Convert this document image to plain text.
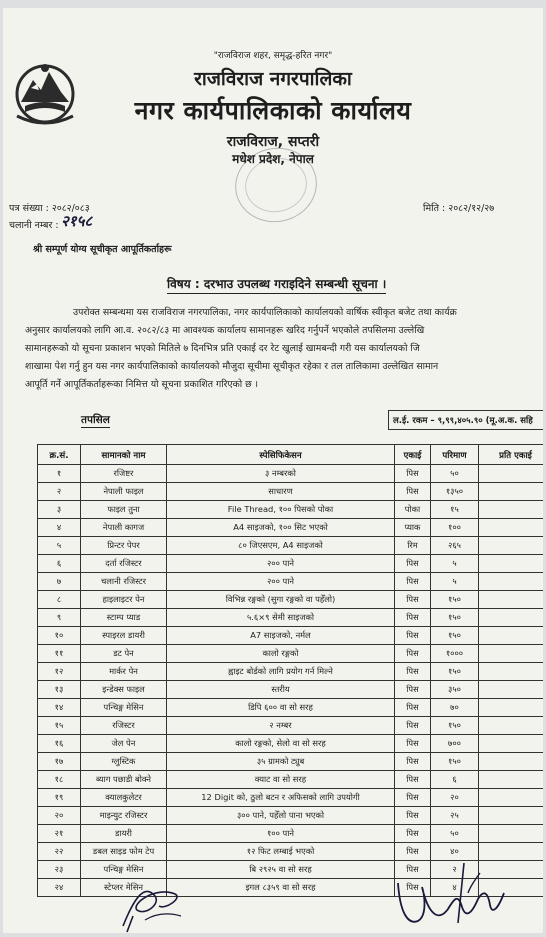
"राजविराज शहर, समृद्ध-हरित नगर"
राजविराज नगरपालिका
नगर कार्यपालिकाको कार्यालय
राजविराज, सप्तरी
मधेश प्रदेश, नेपाल
पत्र संख्या : २०८२/०८३
चलानी नम्बर : २१५८
मिति : २०८२/१२/२७
श्री सम्पूर्ण योग्य सूचीकृत आपूर्तिकर्ताहरू
विषय : दरभाउ उपलब्ध गराइदिने सम्बन्धी सूचना ।
उपरोक्त सम्बन्धमा यस राजविराज नगरपालिका, नगर कार्यपालिकाको कार्यालयको वार्षिक स्वीकृत बजेट तथा कार्यक्र
अनुसार कार्यालयको लागि आ.व. २०८२/८३ मा आवश्यक कार्यालय सामानहरू खरिद गर्नुपर्ने भएकोले तपसिलमा उल्लेखि
सामानहरूको यो सूचना प्रकाशन भएको मितिले ७ दिनभित्र प्रति एकाई दर रेट खुलाई खामबन्दी गरी यस कार्यालयको जि
शाखामा पेश गर्नु हुन यस नगर कार्यपालिकाको कार्यालयको मौजुदा सूचीमा सूचीकृत रहेका र तल तालिकामा उल्लेखित सामान
आपूर्ति गर्ने आपूर्तिकर्ताहरूका निमित्त यो सूचना प्रकाशित गरिएको छ ।
तपसिल	ल.ई. रकम – ९,९९,४०५.९० (मू.अ.क. सहि
क्र.सं.	सामानको नाम	स्पेसिफिकेसन	एकाई	परिमाण	प्रति एकाई
१	रजिष्टर	३ नम्बरको	पिस	५०	
२	नेपाली फाइल	साधारण	पिस	१३५०	
३	फाइल तुना	File Thread, १०० पिसको पोका	पोका	१५	
४	नेपाली कागज	A4 साइजको, १०० सिट भएको	प्याक	१००	
५	प्रिन्टर पेपर	८० जिएसएम, A4 साइजको	रिम	२६५	
६	दर्ता रजिस्टर	२०० पाने	पिस	५	
७	चलानी रजिस्टर	२०० पाने	पिस	५	
८	हाइलाइटर पेन	विभिन्न रङ्गको (सुगा रङ्गको वा पहेँलो)	पिस	१५०	
९	स्टाम्प प्याड	५.६×९ सेमी साइजको	पिस	१५०	
१०	स्पाइरल डायरी	A7 साइजको, नर्मल	पिस	१५०	
११	डट पेन	कालो रङ्गको	पिस	१०००	
१२	मार्कर पेन	ह्वाइट बोर्डको लागि प्रयोग गर्न मिल्ने	पिस	१५०	
१३	इन्डेक्स फाइल	स्तरीय	पिस	३५०	
१४	पन्चिङ्ग मेसिन	डिपि ६०० वा सो सरह	पिस	७०	
१५	रजिस्टर	२ नम्बर	पिस	१५०	
१६	जेल पेन	कालो रङ्गको, सेलो वा सो सरह	पिस	७००	
१७	ग्लुस्टिक	३५ ग्रामको ट्युब	पिस	१५०	
१८	ब्याग पछाडी बोक्ने	क्याट वा सो सरह	पिस	६	
१९	क्यालकुलेटर	12 Digit को, ठुलो बटन र अफिसको लागि उपयोगी	पिस	२०	
२०	माइन्युट रजिस्टर	३०० पाने, पहेँलो पाना भएको	पिस	२५	
२१	डायरी	१०० पाने	पिस	५०	
२२	डबल साइड फोम टेप	१२ फिट लम्बाई भएको	पिस	४०	
२३	पन्चिङ्ग मेसिन	बि २९२५ वा सो सरह	पिस	२	
२४	स्टेप्लर मेसिन	इगल ८३५९ वा सो सरह	पिस	४	
